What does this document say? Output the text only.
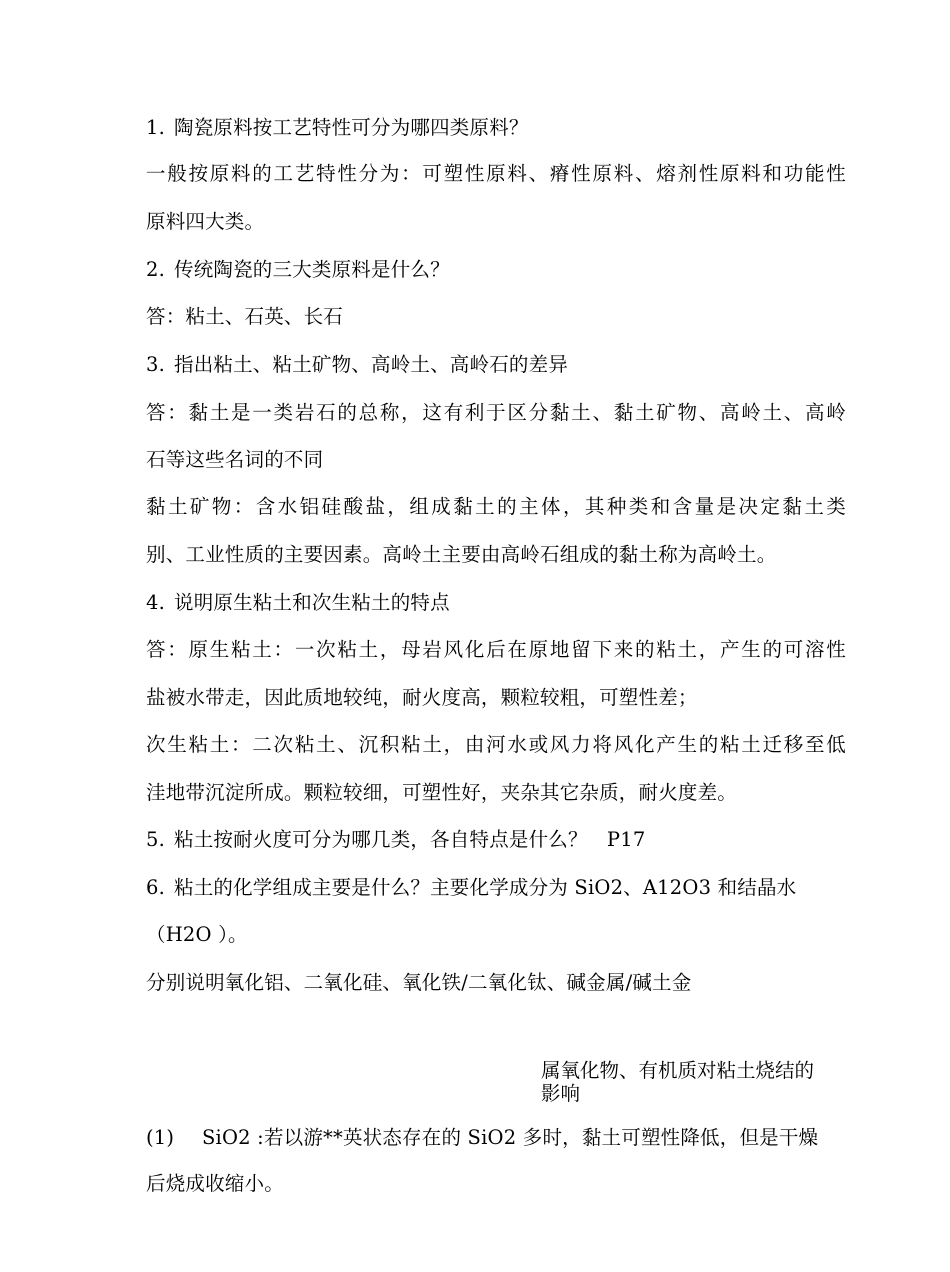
1. 陶瓷原料按工艺特性可分为哪四类原料？
一般按原料的工艺特性分为：可塑性原料、瘠性原料、熔剂性原料和功能性
原料四大类。
2. 传统陶瓷的三大类原料是什么？
答：粘土、石英、长石
3. 指出粘土、粘土矿物、高岭土、高岭石的差异
答：黏土是一类岩石的总称，这有利于区分黏土、黏土矿物、高岭土、高岭
石等这些名词的不同
黏土矿物：含水铝硅酸盐，组成黏土的主体，其种类和含量是决定黏土类
别、工业性质的主要因素。高岭土主要由高岭石组成的黏土称为高岭土。
4. 说明原生粘土和次生粘土的特点
答：原生粘土：一次粘土，母岩风化后在原地留下来的粘土，产生的可溶性
盐被水带走，因此质地较纯，耐火度高，颗粒较粗，可塑性差；
次生粘土：二次粘土、沉积粘土，由河水或风力将风化产生的粘土迁移至低
洼地带沉淀所成。颗粒较细，可塑性好，夹杂其它杂质，耐火度差。
5. 粘土按耐火度可分为哪几类，各自特点是什么？   P17
6. 粘土的化学组成主要是什么？主要化学成分为 SiO2、A12O3 和结晶水
（H2O ）。
分别说明氧化铝、二氧化硅、氧化铁/二氧化钛、碱金属/碱土金
属氧化物、有机质对粘土烧结的
影响
(1) SiO2 :若以游**英状态存在的 SiO2 多时，黏土可塑性降低，但是干燥
后烧成收缩小。
